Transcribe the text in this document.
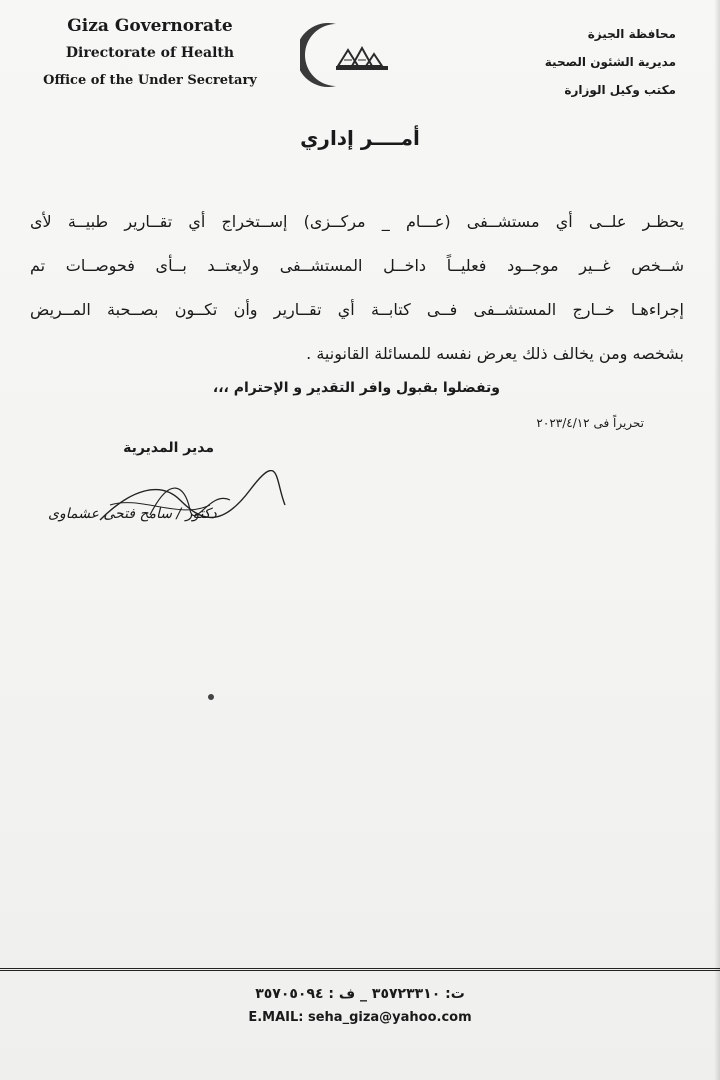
Giza Governorate
Directorate of Health
Office of the Under Secretary
محافظة الجيزة
مديرية الشئون الصحية
مكتب وكيل الوزارة
أمــــر إداري

يحظـر علــى أي مستشــفى (عـــام _ مركــزى) إســتخراج أي تقــارير طبيــة لأى

شــخص غــير موجــود فعليــاً داخــل المستشــفى ولايعتــد بــأى فحوصــات تم

إجراءهـا خــارج المستشــفى فــى كتابــة أي تقــارير وأن تكــون بصــحبة المــريض

بشخصه ومن يخالف ذلك يعرض نفسه للمسائلة القانونية .

وتفضلوا بقبول وافر التقدير و الإحترام ،،،
تحريراً فى ٢٠٢٣/٤/١٢
مدير المديرية
دكتور / سامح فتحى عشماوى
ت: ٣٥٧٢٣٣١٠ _ ف : ٣٥٧٠٥٠٩٤
E.MAIL: seha_giza@yahoo.com
